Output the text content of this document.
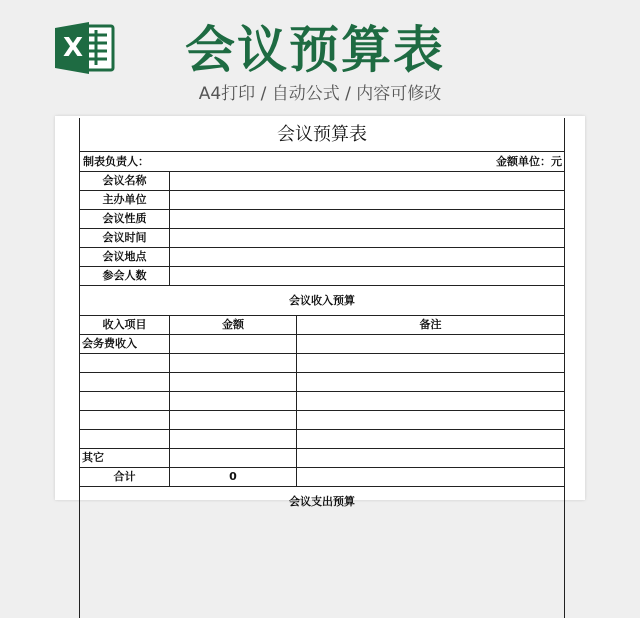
X 会议预算表
A4打印 / 自动公式 / 内容可修改
会议预算表
制表负责人：	金额单位：元
会议名称
主办单位
会议性质
会议时间
会议地点
参会人数
会议收入预算
收入项目	金额	备注
会务费收入
其它
合计	0
会议支出预算
